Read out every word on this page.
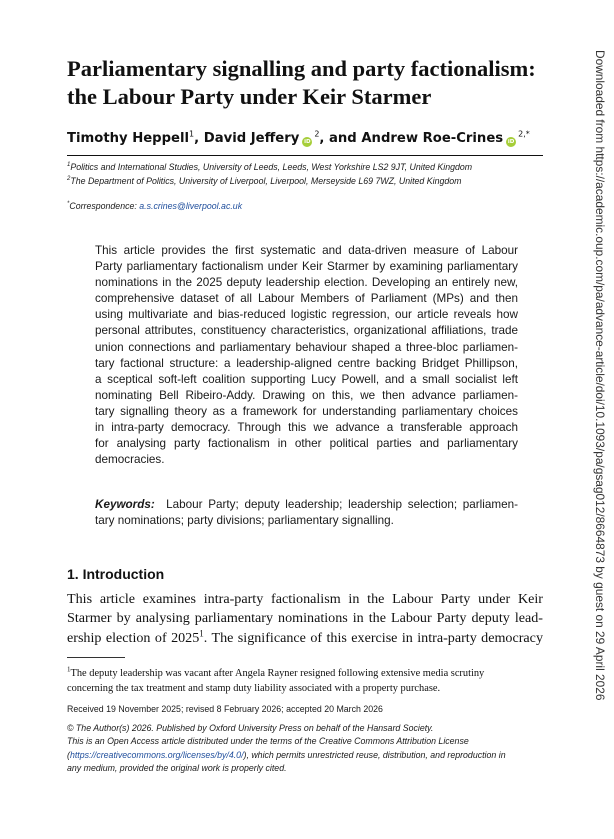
Parliamentary signalling and party factionalism:
the Labour Party under Keir Starmer
Timothy Heppell$^1$, David Jeffery $iD^2$, and Andrew Roe-Crines $iD^{2,*}$
$^1$Politics and International Studies, University of Leeds, Leeds, West Yorkshire LS2 9JT, United Kingdom
$^2$The Department of Politics, University of Liverpool, Liverpool, Merseyside L69 7WZ, United Kingdom
*Correspondence: a.s.crines@liverpool.ac.uk
This article provides the first systematic and data-driven measure of Labour
Party parliamentary factionalism under Keir Starmer by examining parliamentary
nominations in the 2025 deputy leadership election. Developing an entirely new,
comprehensive dataset of all Labour Members of Parliament (MPs) and then
using multivariate and bias-reduced logistic regression, our article reveals how
personal attributes, constituency characteristics, organizational affiliations, trade
union connections and parliamentary behaviour shaped a three-bloc parliamen-
tary factional structure: a leadership-aligned centre backing Bridget Phillipson,
a sceptical soft-left coalition supporting Lucy Powell, and a small socialist left
nominating Bell Ribeiro-Addy. Drawing on this, we then advance parliamen-
tary signalling theory as a framework for understanding parliamentary choices
in intra-party democracy. Through this we advance a transferable approach
for analysing party factionalism in other political parties and parliamentary
democracies.
Keywords: Labour Party; deputy leadership; leadership selection; parliamen-
tary nominations; party divisions; parliamentary signalling.
1. Introduction
This article examines intra-party factionalism in the Labour Party under Keir
Starmer by analysing parliamentary nominations in the Labour Party deputy lead-
ership election of 2025$^1$. The significance of this exercise in intra-party democracy
$^1$The deputy leadership was vacant after Angela Rayner resigned following extensive media scrutiny
concerning the tax treatment and stamp duty liability associated with a property purchase.
Received 19 November 2025; revised 8 February 2026; accepted 20 March 2026
© The Author(s) 2026. Published by Oxford University Press on behalf of the Hansard Society.
This is an Open Access article distributed under the terms of the Creative Commons Attribution License
(https://creativecommons.org/licenses/by/4.0/), which permits unrestricted reuse, distribution, and reproduction in
any medium, provided the original work is properly cited.
Downloaded from https://academic.oup.com/pa/advance-article/doi/10.1093/pa/gsag012/8664873 by guest on 29 April 2026
